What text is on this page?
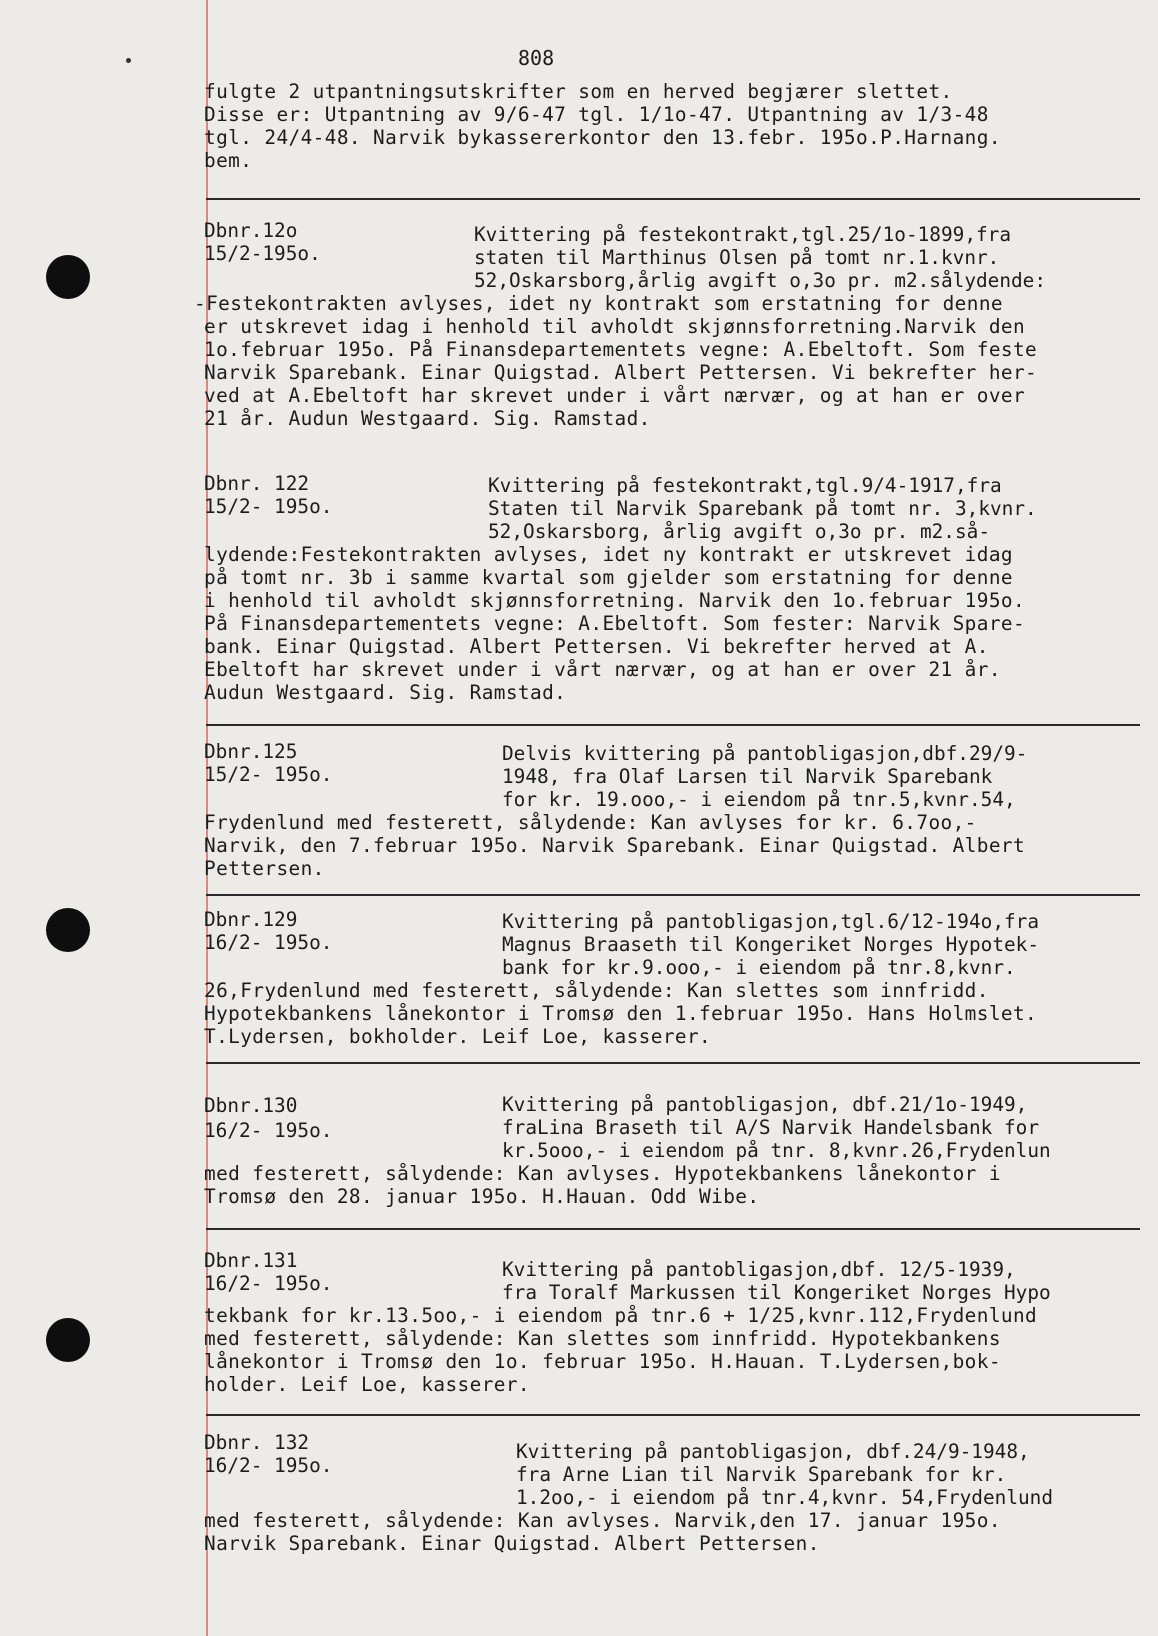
808
fulgte 2 utpantningsutskrifter som en herved begjærer slettet.
Disse er: Utpantning av 9/6-47 tgl. 1/1o-47. Utpantning av 1/3-48
tgl. 24/4-48. Narvik bykassererkontor den 13.febr. 195o.P.Harnang.
bem.
Dbnr.12o
15/2-195o.
Kvittering på festekontrakt,tgl.25/1o-1899,fra
staten til Marthinus Olsen på tomt nr.1.kvnr.
52,Oskarsborg,årlig avgift o,3o pr. m2.sålydende:
-Festekontrakten avlyses, idet ny kontrakt som erstatning for denne
er utskrevet idag i henhold til avholdt skjønnsforretning.Narvik den
1o.februar 195o. På Finansdepartementets vegne: A.Ebeltoft. Som feste
Narvik Sparebank. Einar Quigstad. Albert Pettersen. Vi bekrefter her-
ved at A.Ebeltoft har skrevet under i vårt nærvær, og at han er over
21 år. Audun Westgaard. Sig. Ramstad.
Dbnr. 122
15/2- 195o.
Kvittering på festekontrakt,tgl.9/4-1917,fra
Staten til Narvik Sparebank på tomt nr. 3,kvnr.
52,Oskarsborg, årlig avgift o,3o pr. m2.så-
lydende:Festekontrakten avlyses, idet ny kontrakt er utskrevet idag
på tomt nr. 3b i samme kvartal som gjelder som erstatning for denne
i henhold til avholdt skjønnsforretning. Narvik den 1o.februar 195o.
På Finansdepartementets vegne: A.Ebeltoft. Som fester: Narvik Spare-
bank. Einar Quigstad. Albert Pettersen. Vi bekrefter herved at A.
Ebeltoft har skrevet under i vårt nærvær, og at han er over 21 år.
Audun Westgaard. Sig. Ramstad.
Dbnr.125
15/2- 195o.
Delvis kvittering på pantobligasjon,dbf.29/9-
1948, fra Olaf Larsen til Narvik Sparebank
for kr. 19.ooo,- i eiendom på tnr.5,kvnr.54,
Frydenlund med festerett, sålydende: Kan avlyses for kr. 6.7oo,-
Narvik, den 7.februar 195o. Narvik Sparebank. Einar Quigstad. Albert
Pettersen.
Dbnr.129
16/2- 195o.
Kvittering på pantobligasjon,tgl.6/12-194o,fra
Magnus Braaseth til Kongeriket Norges Hypotek-
bank for kr.9.ooo,- i eiendom på tnr.8,kvnr.
26,Frydenlund med festerett, sålydende: Kan slettes som innfridd.
Hypotekbankens lånekontor i Tromsø den 1.februar 195o. Hans Holmslet.
T.Lydersen, bokholder. Leif Loe, kasserer.
Dbnr.130
16/2- 195o.
Kvittering på pantobligasjon, dbf.21/1o-1949,
fraLina Braseth til A/S Narvik Handelsbank for
kr.5ooo,- i eiendom på tnr. 8,kvnr.26,Frydenlun
med festerett, sålydende: Kan avlyses. Hypotekbankens lånekontor i
Tromsø den 28. januar 195o. H.Hauan. Odd Wibe.
Dbnr.131
16/2- 195o.
Kvittering på pantobligasjon,dbf. 12/5-1939,
fra Toralf Markussen til Kongeriket Norges Hypo
tekbank for kr.13.5oo,- i eiendom på tnr.6 + 1/25,kvnr.112,Frydenlund
med festerett, sålydende: Kan slettes som innfridd. Hypotekbankens
lånekontor i Tromsø den 1o. februar 195o. H.Hauan. T.Lydersen,bok-
holder. Leif Loe, kasserer.
Dbnr. 132
16/2- 195o.
Kvittering på pantobligasjon, dbf.24/9-1948,
fra Arne Lian til Narvik Sparebank for kr.
1.2oo,- i eiendom på tnr.4,kvnr. 54,Frydenlund
med festerett, sålydende: Kan avlyses. Narvik,den 17. januar 195o.
Narvik Sparebank. Einar Quigstad. Albert Pettersen.
